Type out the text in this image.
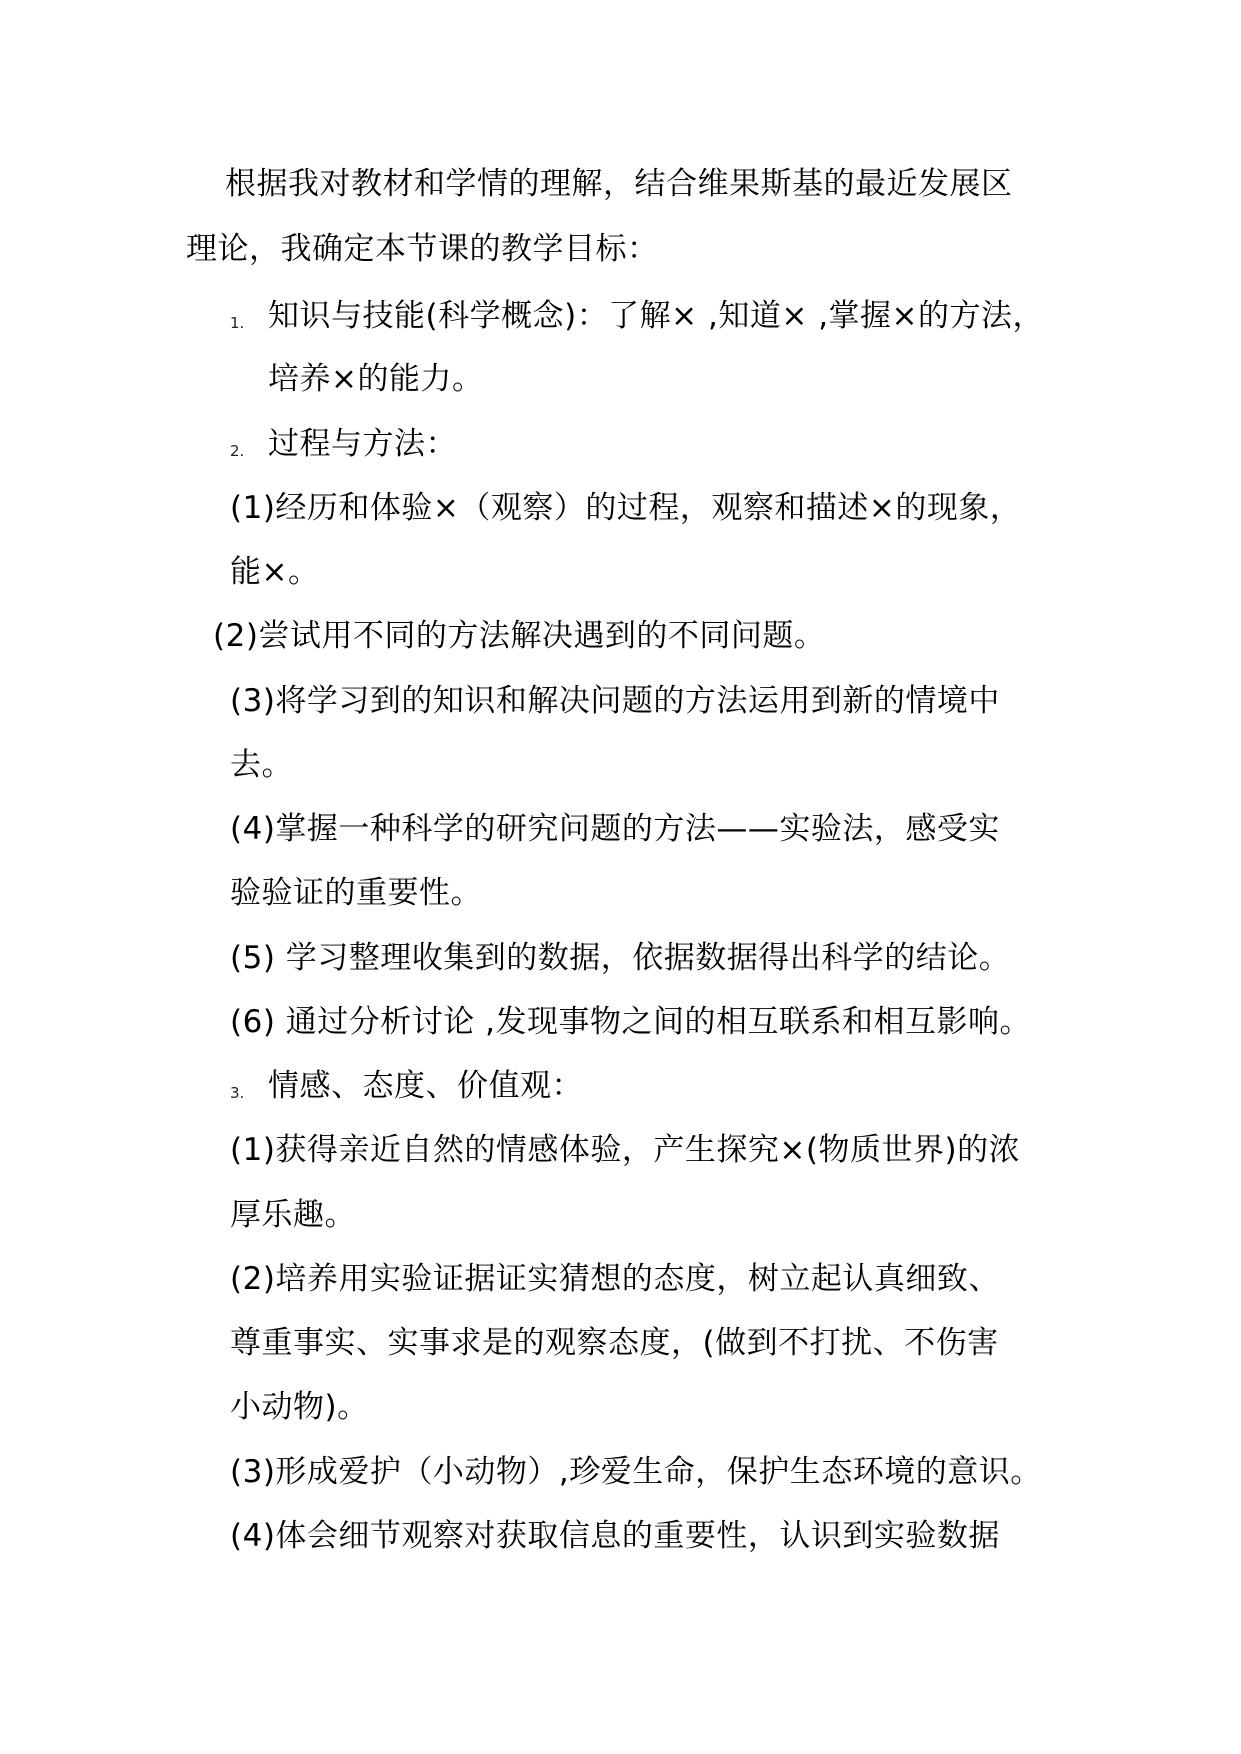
根据我对教材和学情的理解，结合维果斯基的最近发展区
理论，我确定本节课的教学目标：
1. 知识与技能(科学概念)：了解× ,知道× ,掌握×的方法，
培养×的能力。
2. 过程与方法：
(1)经历和体验×（观察）的过程，观察和描述×的现象，
能×。
(2)尝试用不同的方法解决遇到的不同问题。
(3)将学习到的知识和解决问题的方法运用到新的情境中
去。
(4)掌握一种科学的研究问题的方法——实验法，感受实
验验证的重要性。
(5) 学习整理收集到的数据，依据数据得出科学的结论。
(6) 通过分析讨论 ,发现事物之间的相互联系和相互影响。
3. 情感、态度、价值观：
(1)获得亲近自然的情感体验，产生探究×(物质世界)的浓
厚乐趣。
(2)培养用实验证据证实猜想的态度，树立起认真细致、
尊重事实、实事求是的观察态度，(做到不打扰、不伤害
小动物)。
(3)形成爱护（小动物）,珍爱生命，保护生态环境的意识。
(4)体会细节观察对获取信息的重要性，认识到实验数据
